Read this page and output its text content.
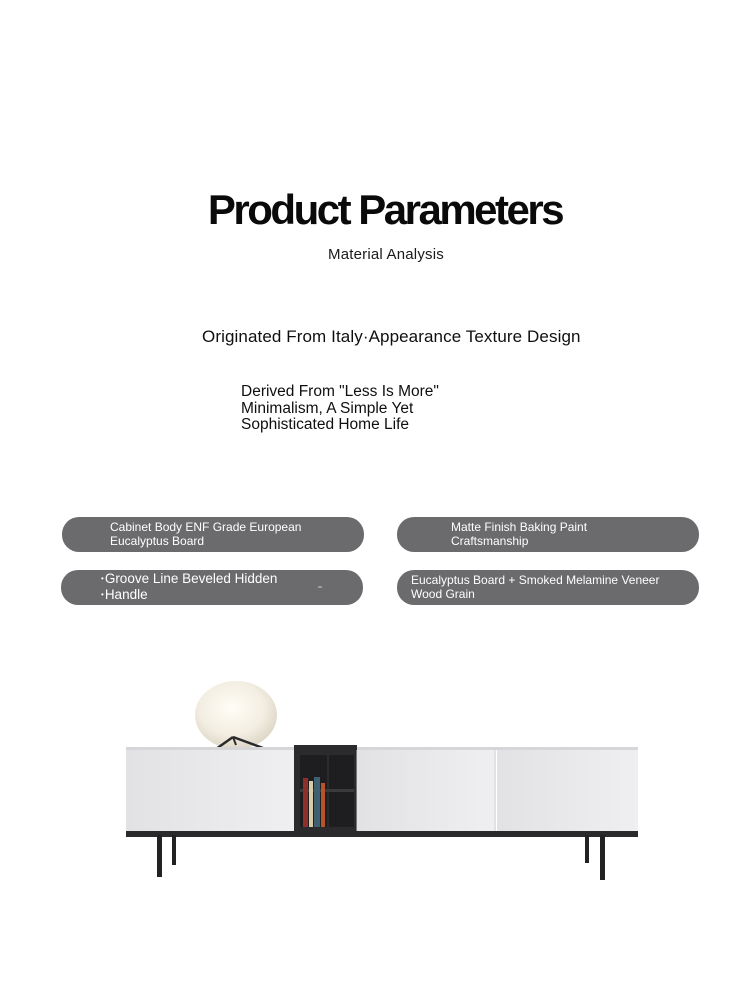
Product Parameters
Material Analysis
Originated From Italy·Appearance Texture Design
Derived From "Less Is More"
Minimalism, A Simple Yet
Sophisticated Home Life
Cabinet Body ENF Grade European
Eucalyptus Board
Matte Finish Baking Paint
Craftsmanship
•Groove Line Beveled Hidden
•Handle
Eucalyptus Board + Smoked Melamine Veneer
Wood Grain
